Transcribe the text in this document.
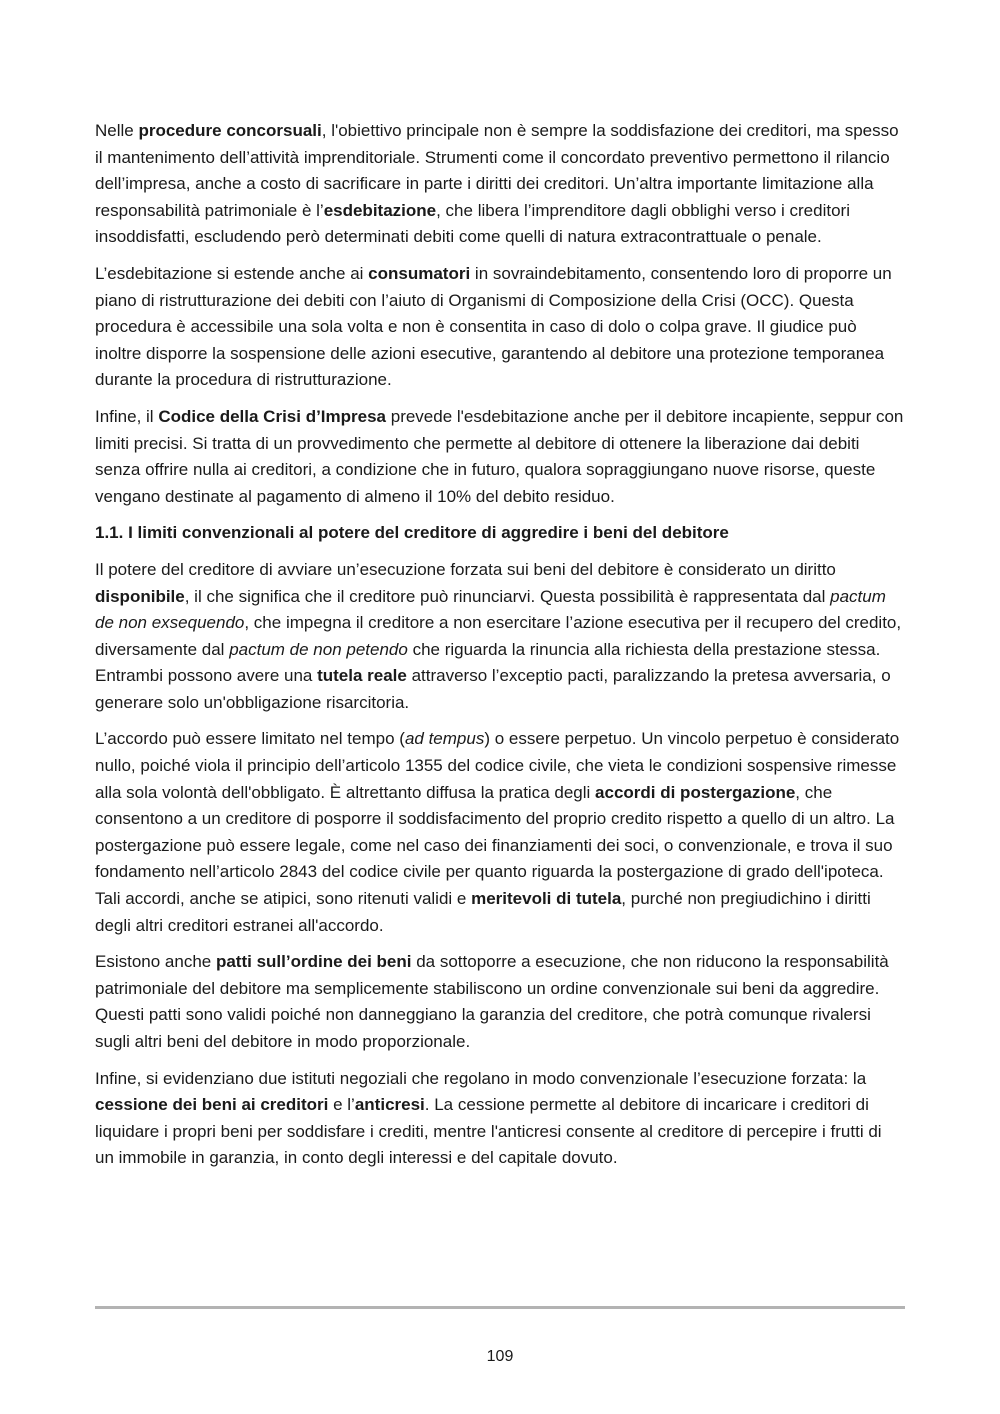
Nelle procedure concorsuali, l'obiettivo principale non è sempre la soddisfazione dei creditori, ma spesso il mantenimento dell’attività imprenditoriale. Strumenti come il concordato preventivo permettono il rilancio dell’impresa, anche a costo di sacrificare in parte i diritti dei creditori. Un’altra importante limitazione alla responsabilità patrimoniale è l’esdebitazione, che libera l’imprenditore dagli obblighi verso i creditori insoddisfatti, escludendo però determinati debiti come quelli di natura extracontrattuale o penale.

L’esdebitazione si estende anche ai consumatori in sovraindebitamento, consentendo loro di proporre un piano di ristrutturazione dei debiti con l’aiuto di Organismi di Composizione della Crisi (OCC). Questa procedura è accessibile una sola volta e non è consentita in caso di dolo o colpa grave. Il giudice può inoltre disporre la sospensione delle azioni esecutive, garantendo al debitore una protezione temporanea durante la procedura di ristrutturazione.

Infine, il Codice della Crisi d’Impresa prevede l'esdebitazione anche per il debitore incapiente, seppur con limiti precisi. Si tratta di un provvedimento che permette al debitore di ottenere la liberazione dai debiti senza offrire nulla ai creditori, a condizione che in futuro, qualora sopraggiungano nuove risorse, queste vengano destinate al pagamento di almeno il 10% del debito residuo.

1.1. I limiti convenzionali al potere del creditore di aggredire i beni del debitore

Il potere del creditore di avviare un’esecuzione forzata sui beni del debitore è considerato un diritto disponibile, il che significa che il creditore può rinunciarvi. Questa possibilità è rappresentata dal pactum de non exsequendo, che impegna il creditore a non esercitare l’azione esecutiva per il recupero del credito, diversamente dal pactum de non petendo che riguarda la rinuncia alla richiesta della prestazione stessa. Entrambi possono avere una tutela reale attraverso l’exceptio pacti, paralizzando la pretesa avversaria, o generare solo un'obbligazione risarcitoria.

L’accordo può essere limitato nel tempo (ad tempus) o essere perpetuo. Un vincolo perpetuo è considerato nullo, poiché viola il principio dell’articolo 1355 del codice civile, che vieta le condizioni sospensive rimesse alla sola volontà dell'obbligato. È altrettanto diffusa la pratica degli accordi di postergazione, che consentono a un creditore di posporre il soddisfacimento del proprio credito rispetto a quello di un altro. La postergazione può essere legale, come nel caso dei finanziamenti dei soci, o convenzionale, e trova il suo fondamento nell’articolo 2843 del codice civile per quanto riguarda la postergazione di grado dell'ipoteca. Tali accordi, anche se atipici, sono ritenuti validi e meritevoli di tutela, purché non pregiudichino i diritti degli altri creditori estranei all'accordo.

Esistono anche patti sull’ordine dei beni da sottoporre a esecuzione, che non riducono la responsabilità patrimoniale del debitore ma semplicemente stabiliscono un ordine convenzionale sui beni da aggredire. Questi patti sono validi poiché non danneggiano la garanzia del creditore, che potrà comunque rivalersi sugli altri beni del debitore in modo proporzionale.

Infine, si evidenziano due istituti negoziali che regolano in modo convenzionale l’esecuzione forzata: la cessione dei beni ai creditori e l’anticresi. La cessione permette al debitore di incaricare i creditori di liquidare i propri beni per soddisfare i crediti, mentre l'anticresi consente al creditore di percepire i frutti di un immobile in garanzia, in conto degli interessi e del capitale dovuto.

109
